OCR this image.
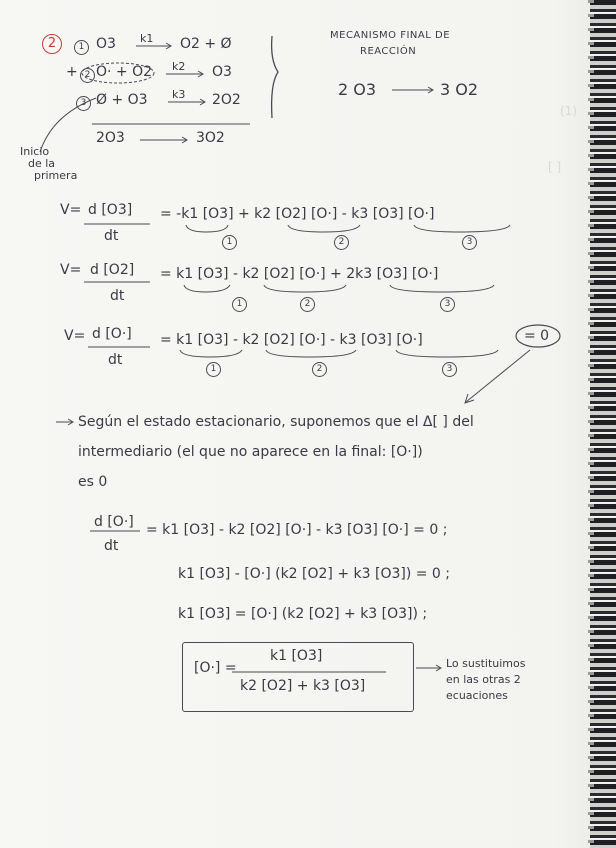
2	1 O3 k1 O2 + Ø
+ 2 O· + O2 k2 O3
3 Ø + O3 k3 2O2
2O3	3O2
Inicio
de la
primera
MECANISMO FINAL DE
REACCIÓN
2 O3	3 O2
(1)
[ ]
V= d [O3]
dt
= -k1 [O3] + k2 [O2] [O·] - k3 [O3] [O·]
1	2	3
V= d [O2]
dt
= k1 [O3] - k2 [O2] [O·] + 2k3 [O3] [O·]
1	2	3
V= d [O·]
dt
= k1 [O3] - k2 [O2] [O·] - k3 [O3] [O·]
1	2	3
= 0
Según el estado estacionario, suponemos que el Δ[ ] del
intermediario (el que no aparece en la final: [O·])
es 0
d [O·]
dt
= k1 [O3] - k2 [O2] [O·] - k3 [O3] [O·] = 0 ;
k1 [O3] - [O·] (k2 [O2] + k3 [O3]) = 0 ;
k1 [O3] = [O·] (k2 [O2] + k3 [O3]) ;
[O·] =
k1 [O3]
k2 [O2] + k3 [O3]
Lo sustituimos
en las otras 2
ecuaciones
